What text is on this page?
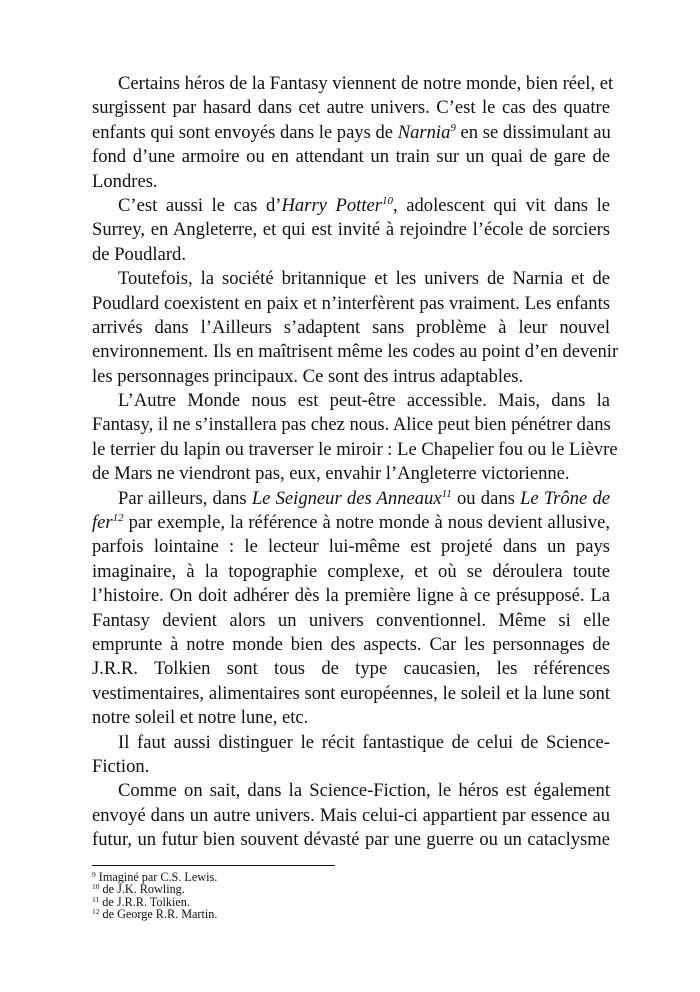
Certains héros de la Fantasy viennent de notre monde, bien réel, et
surgissent par hasard dans cet autre univers. C’est le cas des quatre
enfants qui sont envoyés dans le pays de Narnia$^9$ en se dissimulant au
fond d’une armoire ou en attendant un train sur un quai de gare de
Londres.
C’est aussi le cas d’Harry Potter$^{10}$, adolescent qui vit dans le
Surrey, en Angleterre, et qui est invité à rejoindre l’école de sorciers
de Poudlard.
Toutefois, la société britannique et les univers de Narnia et de
Poudlard coexistent en paix et n’interfèrent pas vraiment. Les enfants
arrivés dans l’Ailleurs s’adaptent sans problème à leur nouvel
environnement. Ils en maîtrisent même les codes au point d’en devenir
les personnages principaux. Ce sont des intrus adaptables.
L’Autre Monde nous est peut-être accessible. Mais, dans la
Fantasy, il ne s’installera pas chez nous. Alice peut bien pénétrer dans
le terrier du lapin ou traverser le miroir : Le Chapelier fou ou le Lièvre
de Mars ne viendront pas, eux, envahir l’Angleterre victorienne.
Par ailleurs, dans Le Seigneur des Anneaux$^{11}$ ou dans Le Trône de
fer$^{12}$ par exemple, la référence à notre monde à nous devient allusive,
parfois lointaine : le lecteur lui-même est projeté dans un pays
imaginaire, à la topographie complexe, et où se déroulera toute
l’histoire. On doit adhérer dès la première ligne à ce présupposé. La
Fantasy devient alors un univers conventionnel. Même si elle
emprunte à notre monde bien des aspects. Car les personnages de
J.R.R. Tolkien sont tous de type caucasien, les références
vestimentaires, alimentaires sont européennes, le soleil et la lune sont
notre soleil et notre lune, etc.
Il faut aussi distinguer le récit fantastique de celui de Science-
Fiction.
Comme on sait, dans la Science-Fiction, le héros est également
envoyé dans un autre univers. Mais celui-ci appartient par essence au
futur, un futur bien souvent dévasté par une guerre ou un cataclysme
$^9$ Imaginé par C.S. Lewis.
$^{10}$ de J.K. Rowling.
$^{11}$ de J.R.R. Tolkien.
$^{12}$ de George R.R. Martin.
